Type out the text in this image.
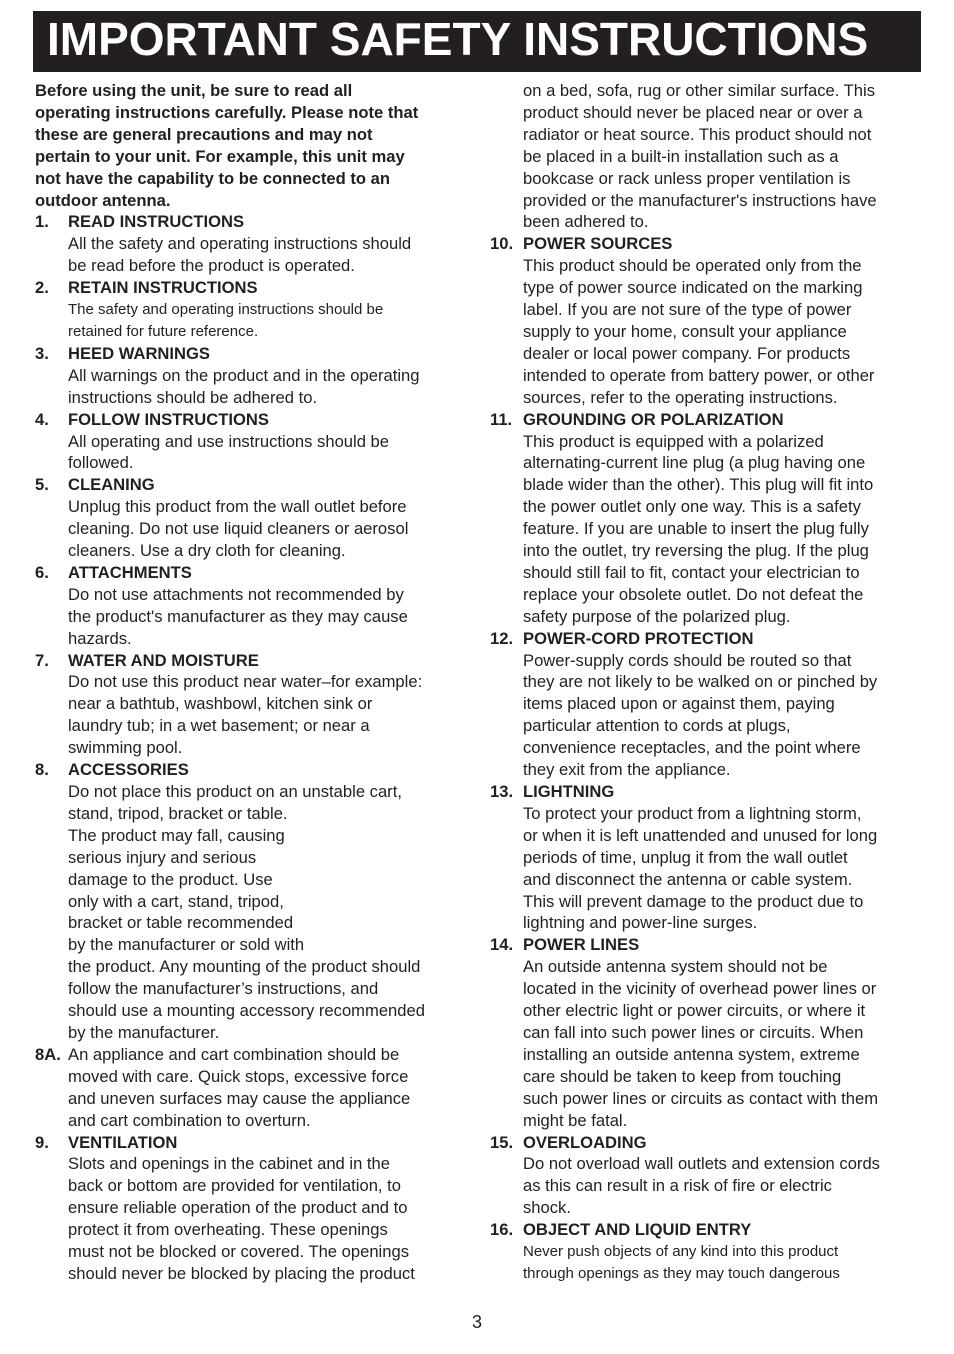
IMPORTANT SAFETY INSTRUCTIONS
Before using the unit, be sure to read all
operating instructions carefully. Please note that
these are general precautions and may not
pertain to your unit. For example, this unit may
not have the capability to be connected to an
outdoor antenna.
1. READ INSTRUCTIONS
All the safety and operating instructions should
be read before the product is operated.
2. RETAIN INSTRUCTIONS
The safety and operating instructions should be
retained for future reference.
3. HEED WARNINGS
All warnings on the product and in the operating
instructions should be adhered to.
4. FOLLOW INSTRUCTIONS
All operating and use instructions should be
followed.
5. CLEANING
Unplug this product from the wall outlet before
cleaning. Do not use liquid cleaners or aerosol
cleaners. Use a dry cloth for cleaning.
6. ATTACHMENTS
Do not use attachments not recommended by
the product's manufacturer as they may cause
hazards.
7. WATER AND MOISTURE
Do not use this product near water–for example:
near a bathtub, washbowl, kitchen sink or
laundry tub; in a wet basement; or near a
swimming pool.
8. ACCESSORIES
Do not place this product on an unstable cart,
stand, tripod, bracket or table.
The product may fall, causing
serious injury and serious
damage to the product. Use
only with a cart, stand, tripod,
bracket or table recommended
by the manufacturer or sold with
the product. Any mounting of the product should
follow the manufacturer’s instructions, and
should use a mounting accessory recommended
by the manufacturer.
8A. An appliance and cart combination should be
moved with care. Quick stops, excessive force
and uneven surfaces may cause the appliance
and cart combination to overturn.
9. VENTILATION
Slots and openings in the cabinet and in the
back or bottom are provided for ventilation, to
ensure reliable operation of the product and to
protect it from overheating. These openings
must not be blocked or covered. The openings
should never be blocked by placing the product
on a bed, sofa, rug or other similar surface. This
product should never be placed near or over a
radiator or heat source. This product should not
be placed in a built-in installation such as a
bookcase or rack unless proper ventilation is
provided or the manufacturer's instructions have
been adhered to.
10. POWER SOURCES
This product should be operated only from the
type of power source indicated on the marking
label. If you are not sure of the type of power
supply to your home, consult your appliance
dealer or local power company. For products
intended to operate from battery power, or other
sources, refer to the operating instructions.
11. GROUNDING OR POLARIZATION
This product is equipped with a polarized
alternating-current line plug (a plug having one
blade wider than the other). This plug will fit into
the power outlet only one way. This is a safety
feature. If you are unable to insert the plug fully
into the outlet, try reversing the plug. If the plug
should still fail to fit, contact your electrician to
replace your obsolete outlet. Do not defeat the
safety purpose of the polarized plug.
12. POWER-CORD PROTECTION
Power-supply cords should be routed so that
they are not likely to be walked on or pinched by
items placed upon or against them, paying
particular attention to cords at plugs,
convenience receptacles, and the point where
they exit from the appliance.
13. LIGHTNING
To protect your product from a lightning storm,
or when it is left unattended and unused for long
periods of time, unplug it from the wall outlet
and disconnect the antenna or cable system.
This will prevent damage to the product due to
lightning and power-line surges.
14. POWER LINES
An outside antenna system should not be
located in the vicinity of overhead power lines or
other electric light or power circuits, or where it
can fall into such power lines or circuits. When
installing an outside antenna system, extreme
care should be taken to keep from touching
such power lines or circuits as contact with them
might be fatal.
15. OVERLOADING
Do not overload wall outlets and extension cords
as this can result in a risk of fire or electric
shock.
16. OBJECT AND LIQUID ENTRY
Never push objects of any kind into this product
through openings as they may touch dangerous
3
